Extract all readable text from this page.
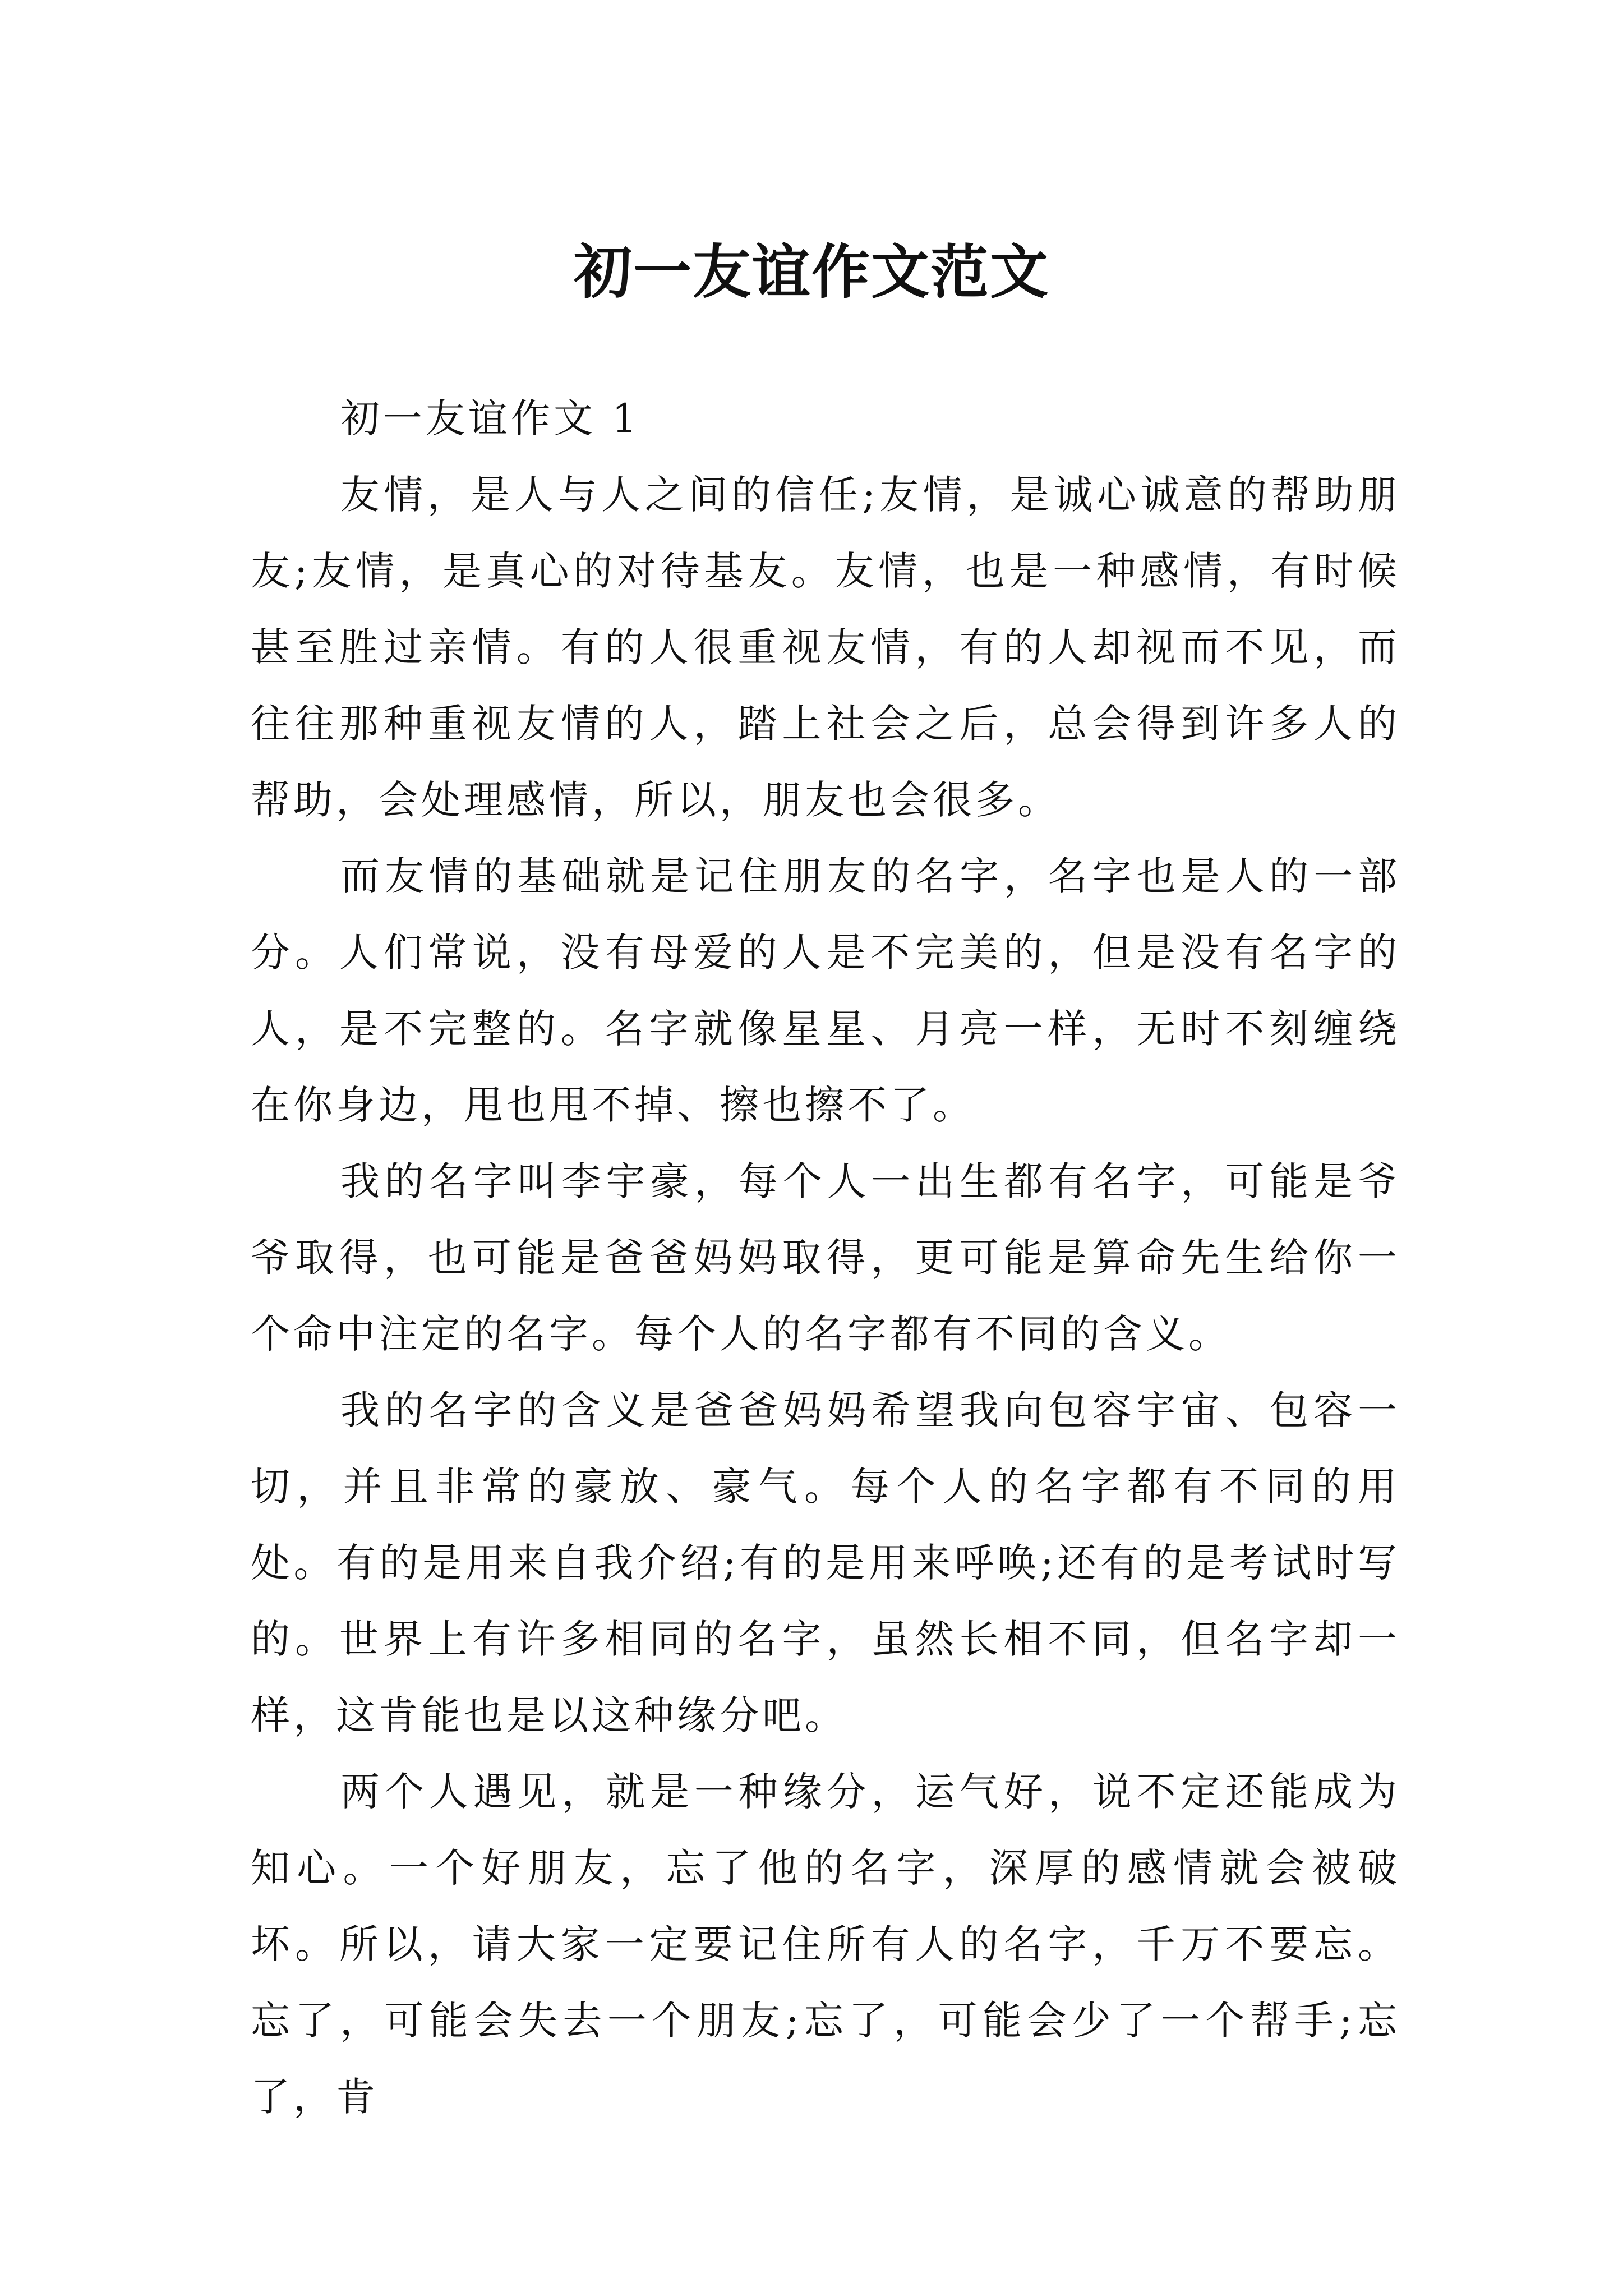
初一友谊作文范文

初一友谊作文 1

友情，是人与人之间的信任;友情，是诚心诚意的帮助朋友;友情，是真心的对待基友。友情，也是一种感情，有时候甚至胜过亲情。有的人很重视友情，有的人却视而不见，而往往那种重视友情的人，踏上社会之后，总会得到许多人的帮助，会处理感情，所以，朋友也会很多。

而友情的基础就是记住朋友的名字，名字也是人的一部分。人们常说，没有母爱的人是不完美的，但是没有名字的人，是不完整的。名字就像星星、月亮一样，无时不刻缠绕在你身边，甩也甩不掉、擦也擦不了。

我的名字叫李宇豪，每个人一出生都有名字，可能是爷爷取得，也可能是爸爸妈妈取得，更可能是算命先生给你一个命中注定的名字。每个人的名字都有不同的含义。

我的名字的含义是爸爸妈妈希望我向包容宇宙、包容一切，并且非常的豪放、豪气。每个人的名字都有不同的用处。有的是用来自我介绍;有的是用来呼唤;还有的是考试时写的。世界上有许多相同的名字，虽然长相不同，但名字却一样，这肯能也是以这种缘分吧。

两个人遇见，就是一种缘分，运气好，说不定还能成为知心。一个好朋友，忘了他的名字，深厚的感情就会被破坏。所以，请大家一定要记住所有人的名字，千万不要忘。忘了，可能会失去一个朋友;忘了，可能会少了一个帮手;忘了，肯
